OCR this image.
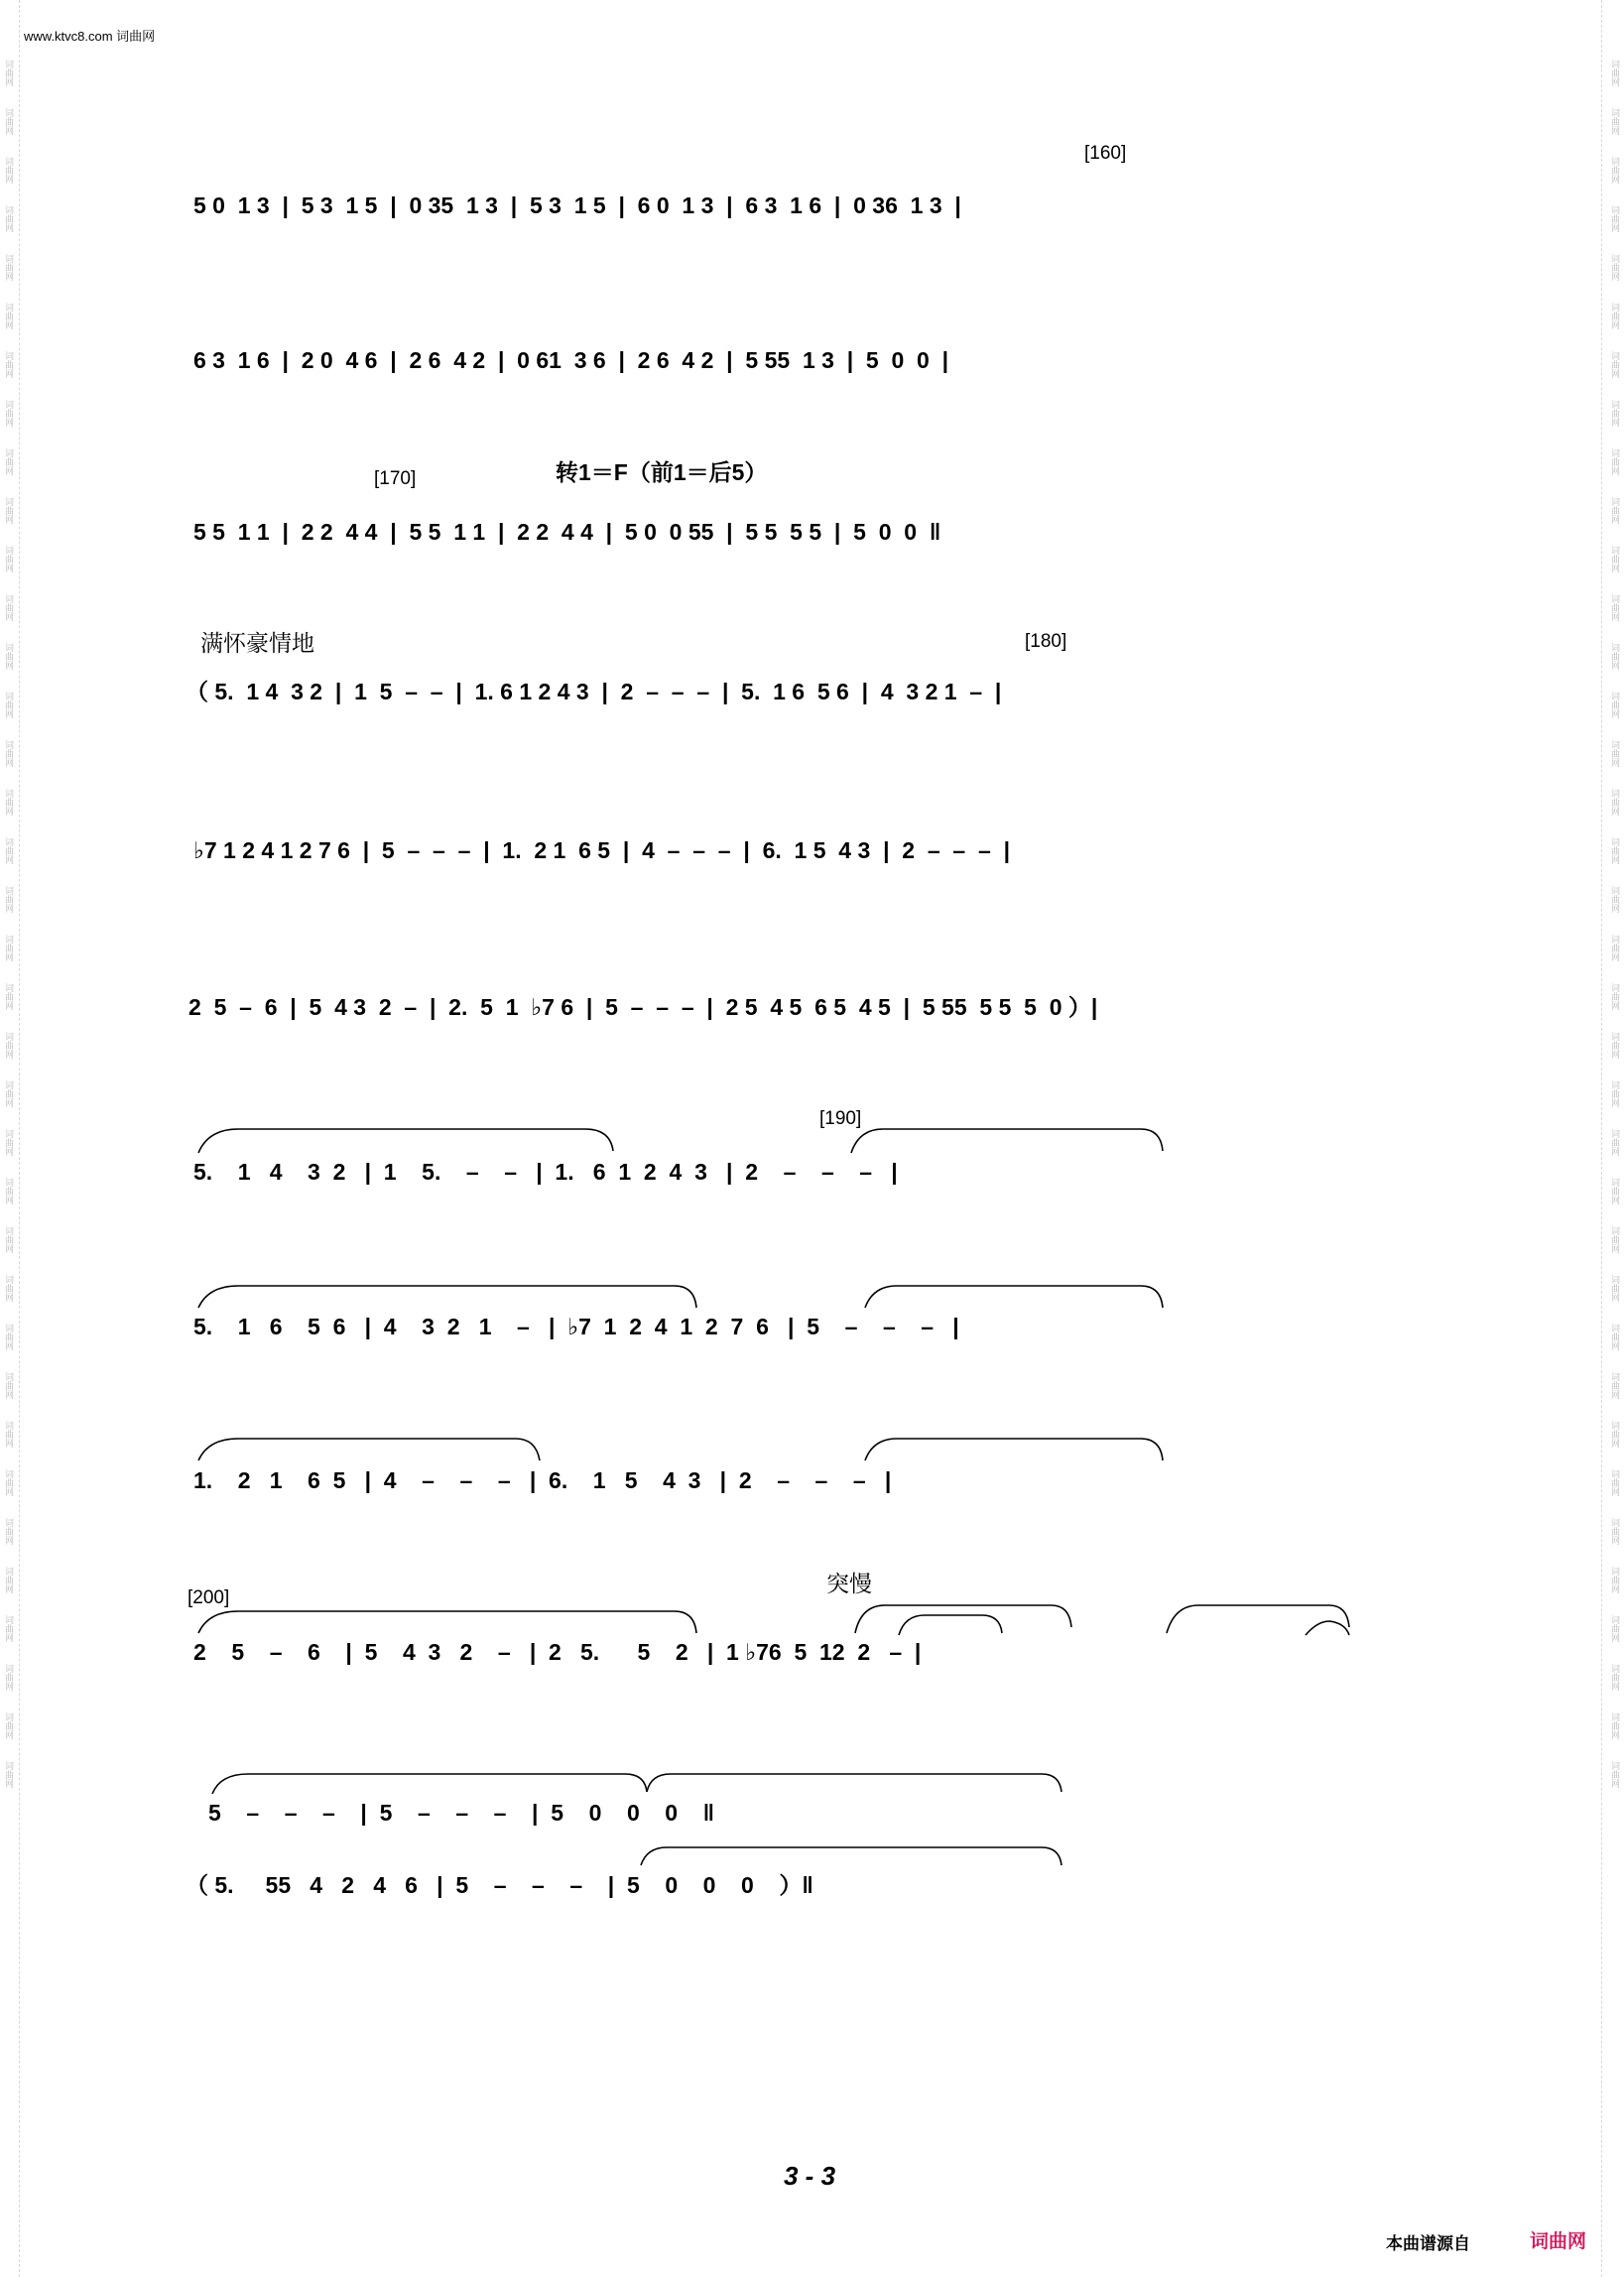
词曲网
词曲网
词曲网
词曲网
词曲网
词曲网
词曲网
词曲网
词曲网
词曲网
词曲网
词曲网
词曲网
词曲网
词曲网
词曲网
词曲网
词曲网
词曲网
词曲网
词曲网
词曲网
词曲网
词曲网
词曲网
词曲网
词曲网
词曲网
词曲网
词曲网
词曲网
词曲网
词曲网
词曲网
词曲网
词曲网
词曲网
词曲网
词曲网
词曲网
词曲网
词曲网
词曲网
词曲网
词曲网
词曲网
词曲网
词曲网
词曲网
词曲网
词曲网
词曲网
词曲网
词曲网
词曲网
词曲网
词曲网
词曲网
词曲网
词曲网
词曲网
词曲网
词曲网
词曲网
词曲网
词曲网
词曲网
词曲网
词曲网
词曲网
词曲网
词曲网
www.ktvc8.com 词曲网
5 0  1 3  |  5 3  1 5  |  0 35  1 3  |  5 3  1 5  |  6 0  1 3  |  6 3  1 6  |  0 36  1 3  |
[160]
6 3  1 6  |  2 0  4 6  |  2 6  4 2  |  0 61  3 6  |  2 6  4 2  |  5 55  1 3  |  5  0  0  |
[170]	转1＝F（前1＝后5）
5 5  1 1  |  2 2  4 4  |  5 5  1 1  |  2 2  4 4  |  5 0  0 55  |  5 5  5 5  |  5  0  0  ‖
满怀豪情地	[180]
（ 5.  1 4  3 2  |  1  5  –  –  |  1. 6 1 2 4 3  |  2  –  –  –  |  5.  1 6  5 6  |  4  3 2 1  –  |
♭7 1 2 4 1 2 7 6  |  5  –  –  –  |  1.  2 1  6 5  |  4  –  –  –  |  6.  1 5  4 3  |  2  –  –  –  |
2  5  –  6  |  5  4 3  2  –  |  2.  5  1  ♭7 6  |  5  –  –  –  |  2 5  4 5  6 5  4 5  |  5 55  5 5  5  0 ）|
[190]
5.    1   4    3  2   |  1    5.    –    –   |  1.   6  1  2  4  3   |  2    –    –    –   |
5.    1   6    5  6   |  4    3  2   1    –   |  ♭7  1  2  4  1  2  7  6   |  5    –    –    –   |
1.    2   1    6  5   |  4    –    –    –   |  6.    1   5    4  3   |  2    –    –    –   |
[200]
突慢
2    5    –    6    |  5    4  3   2    –   |  2   5.      5    2   |  1 ♭76  5  12  2   –  |
5    –    –    –    |  5    –    –    –    |  5    0    0    0    ‖
（ 5.     55   4   2   4   6   |  5    –    –    –    |  5    0    0    0    ）‖
3 - 3
本曲谱源自	词曲网
